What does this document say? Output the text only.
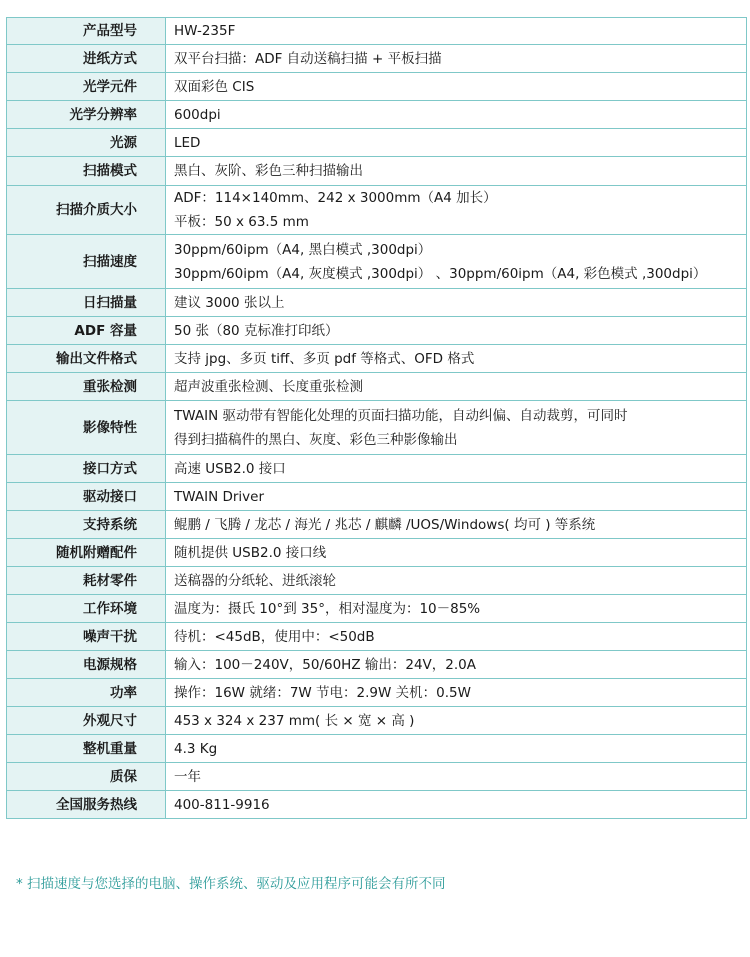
产品型号	HW-235F

进纸方式	双平台扫描：ADF 自动送稿扫描 + 平板扫描

光学元件	双面彩色 CIS

光学分辨率	600dpi

光源	LED

扫描模式	黑白、灰阶、彩色三种扫描输出

扫描介质大小	ADF：114×140mm、242 x 3000mm（A4 加长）
平板：50 x 63.5 mm

扫描速度	30ppm/60ipm（A4, 黑白模式 ,300dpi）
30ppm/60ipm（A4, 灰度模式 ,300dpi） 、30ppm/60ipm（A4, 彩色模式 ,300dpi）

日扫描量	建议 3000 张以上

ADF 容量	50 张（80 克标准打印纸）

输出文件格式	支持 jpg、多页 tiff、多页 pdf 等格式、OFD 格式

重张检测	超声波重张检测、长度重张检测

影像特性	TWAIN 驱动带有智能化处理的页面扫描功能，自动纠偏、自动裁剪，可同时
得到扫描稿件的黑白、灰度、彩色三种影像输出

接口方式	高速 USB2.0 接口

驱动接口	TWAIN Driver

支持系统	鲲鹏 / 飞腾 / 龙芯 / 海光 / 兆芯 / 麒麟 /UOS/Windows( 均可 ) 等系统

随机附赠配件	随机提供 USB2.0 接口线

耗材零件	送稿器的分纸轮、进纸滚轮

工作环境	温度为：摄氏 10°到 35°，相对湿度为：10－85%

噪声干扰	待机：<45dB，使用中：<50dB

电源规格	输入：100－240V，50/60HZ 输出：24V，2.0A

功率	操作：16W 就绪：7W 节电：2.9W 关机：0.5W

外观尺寸	453 x 324 x 237 mm( 长 × 宽 × 高 )

整机重量	4.3 Kg

质保	一年

全国服务热线	400-811-9916
* 扫描速度与您选择的电脑、操作系统、驱动及应用程序可能会有所不同
